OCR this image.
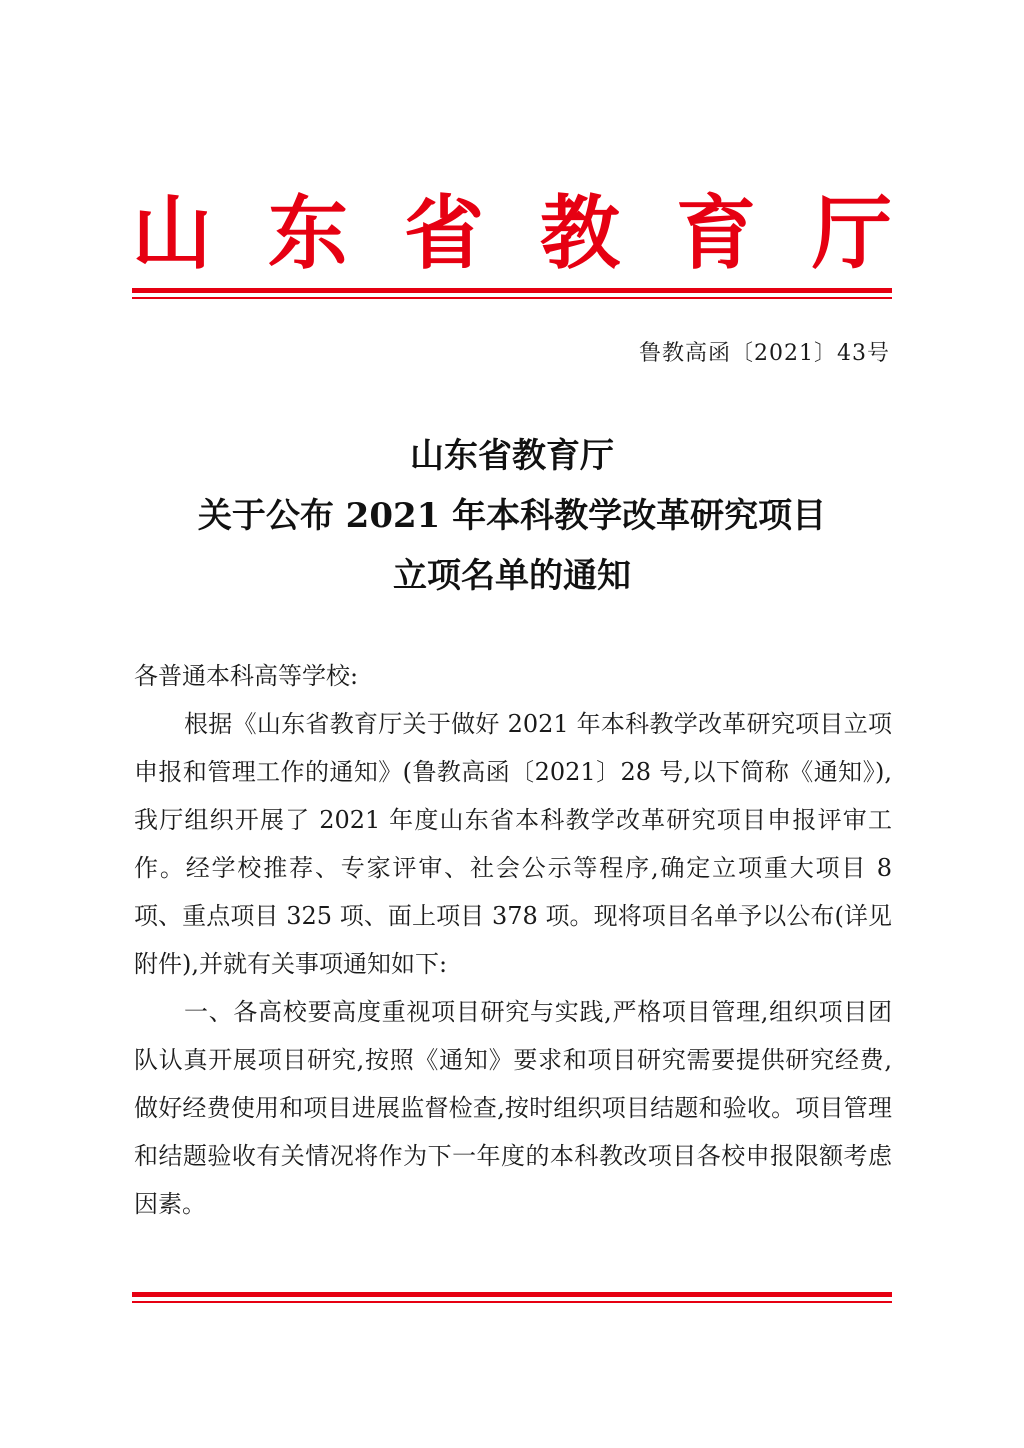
山 东 省 教 育 厅
鲁教高函〔2021〕43号
山东省教育厅
关于公布 2021 年本科教学改革研究项目
立项名单的通知

各普通本科高等学校:

根据《山东省教育厅关于做好 2021 年本科教学改革研究项目立项申报和管理工作的通知》(鲁教高函〔2021〕28 号,以下简称《通知》),我厅组织开展了 2021 年度山东省本科教学改革研究项目申报评审工作。经学校推荐、专家评审、社会公示等程序,确定立项重大项目 8 项、重点项目 325 项、面上项目 378 项。现将项目名单予以公布(详见附件),并就有关事项通知如下:

一、各高校要高度重视项目研究与实践,严格项目管理,组织项目团队认真开展项目研究,按照《通知》要求和项目研究需要提供研究经费,做好经费使用和项目进展监督检查,按时组织项目结题和验收。项目管理和结题验收有关情况将作为下一年度的本科教改项目各校申报限额考虑因素。
